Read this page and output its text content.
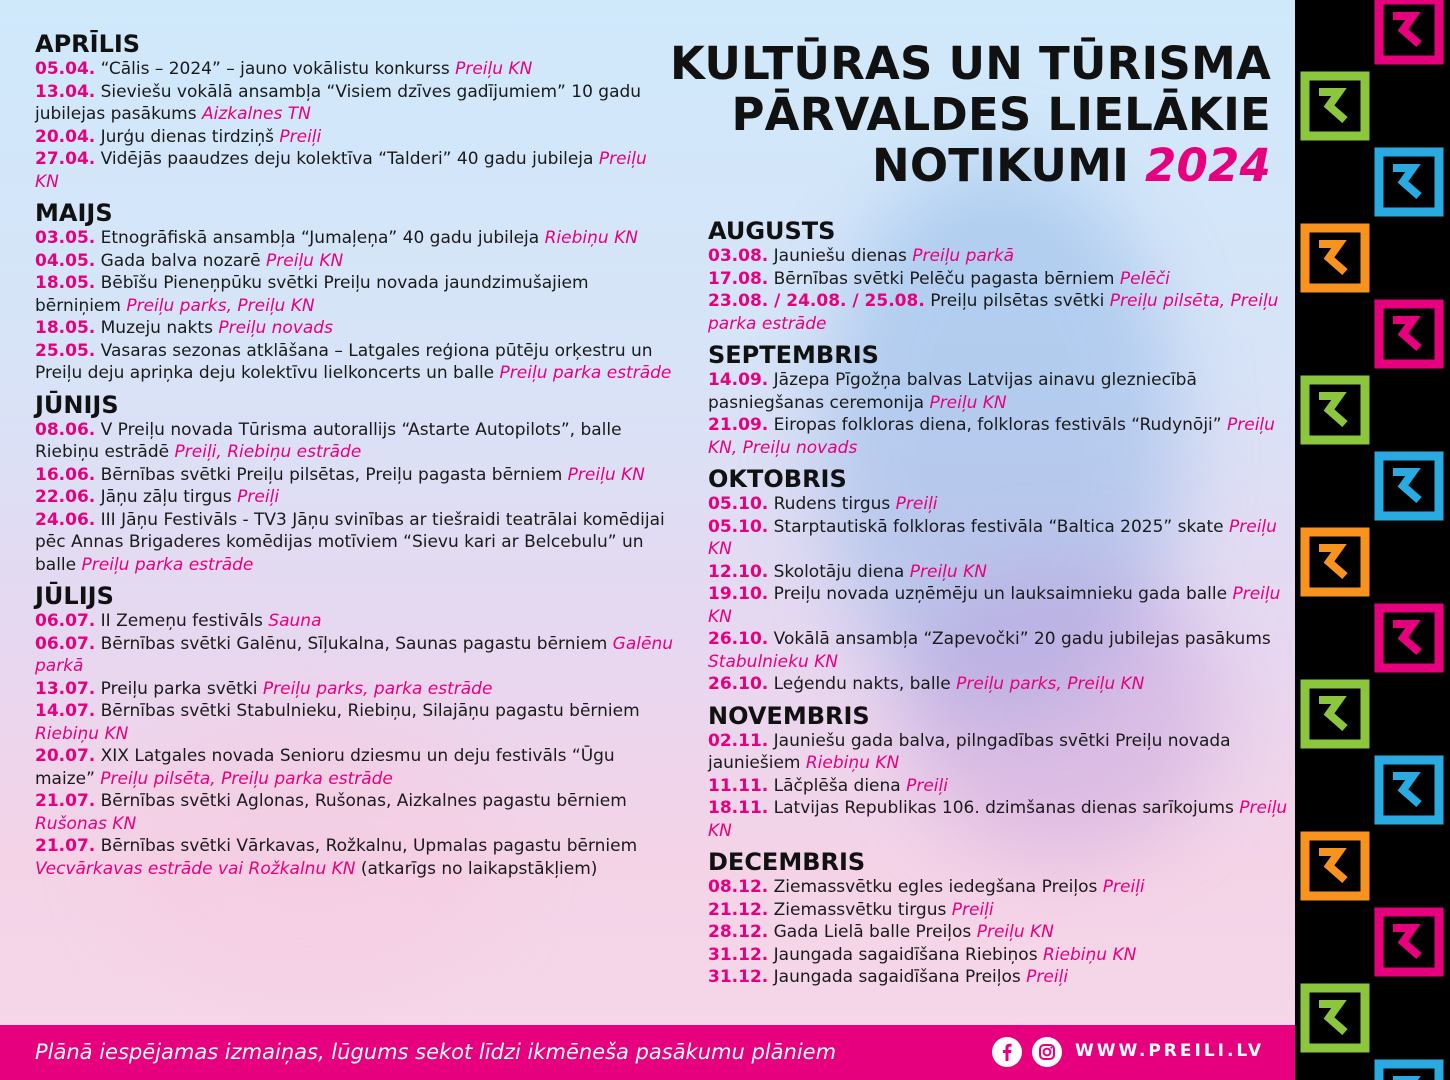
KULTŪRAS UN TŪRISMA
PĀRVALDES LIELĀKIE
NOTIKUMI 2024
APRĪLIS
05.04. “Cālis – 2024” – jauno vokālistu konkurss Preiļu KN
13.04. Sieviešu vokālā ansambļa “Visiem dzīves gadījumiem” 10 gadu jubilejas pasākums Aizkalnes TN
20.04. Jurģu dienas tirdziņš Preiļi
27.04. Vidējās paaudzes deju kolektīva “Talderi” 40 gadu jubileja Preiļu KN
MAIJS
03.05. Etnogrāfiskā ansambļa “Jumaļeņa” 40 gadu jubileja Riebiņu KN
04.05. Gada balva nozarē Preiļu KN
18.05. Bēbīšu Pieneņpūku svētki Preiļu novada jaundzimušajiem bērniņiem Preiļu parks, Preiļu KN
18.05. Muzeju nakts Preiļu novads
25.05. Vasaras sezonas atklāšana – Latgales reģiona pūtēju orķestru un Preiļu deju apriņka deju kolektīvu lielkoncerts un balle Preiļu parka estrāde
JŪNIJS
08.06. V Preiļu novada Tūrisma autorallijs “Astarte Autopilots”, balle Riebiņu estrādē Preiļi, Riebiņu estrāde
16.06. Bērnības svētki Preiļu pilsētas, Preiļu pagasta bērniem Preiļu KN
22.06. Jāņu zāļu tirgus Preiļi
24.06. III Jāņu Festivāls - TV3 Jāņu svinības ar tiešraidi teatrālai komēdijai pēc Annas Brigaderes komēdijas motīviem “Sievu kari ar Belcebulu” un balle Preiļu parka estrāde
JŪLIJS
06.07. II Zemeņu festivāls Sauna
06.07. Bērnības svētki Galēnu, Sīļukalna, Saunas pagastu bērniem Galēnu parkā
13.07. Preiļu parka svētki Preiļu parks, parka estrāde
14.07. Bērnības svētki Stabulnieku, Riebiņu, Silajāņu pagastu bērniem Riebiņu KN
20.07. XIX Latgales novada Senioru dziesmu un deju festivāls “Ūgu maize” Preiļu pilsēta, Preiļu parka estrāde
21.07. Bērnības svētki Aglonas, Rušonas, Aizkalnes pagastu bērniem Rušonas KN
21.07. Bērnības svētki Vārkavas, Rožkalnu, Upmalas pagastu bērniem Vecvārkavas estrāde vai Rožkalnu KN (atkarīgs no laikapstākļiem)
AUGUSTS
03.08. Jauniešu dienas Preiļu parkā
17.08. Bērnības svētki Pelēču pagasta bērniem Pelēči
23.08. / 24.08. / 25.08. Preiļu pilsētas svētki Preiļu pilsēta, Preiļu parka estrāde
SEPTEMBRIS
14.09. Jāzepa Pīgožņa balvas Latvijas ainavu glezniecībā pasniegšanas ceremonija Preiļu KN
21.09. Eiropas folkloras diena, folkloras festivāls “Rudynōji” Preiļu KN, Preiļu novads
OKTOBRIS
05.10. Rudens tirgus Preiļi
05.10. Starptautiskā folkloras festivāla “Baltica 2025” skate Preiļu KN
12.10. Skolotāju diena Preiļu KN
19.10. Preiļu novada uzņēmēju un lauksaimnieku gada balle Preiļu KN
26.10. Vokālā ansambļa “Zapevočki” 20 gadu jubilejas pasākums Stabulnieku KN
26.10. Leģendu nakts, balle Preiļu parks, Preiļu KN
NOVEMBRIS
02.11. Jauniešu gada balva, pilngadības svētki Preiļu novada jauniešiem Riebiņu KN
11.11. Lāčplēša diena Preiļi
18.11. Latvijas Republikas 106. dzimšanas dienas sarīkojums Preiļu KN
DECEMBRIS
08.12. Ziemassvētku egles iedegšana Preiļos Preiļi
21.12. Ziemassvētku tirgus Preiļi
28.12. Gada Lielā balle Preiļos Preiļu KN
31.12. Jaungada sagaidīšana Riebiņos Riebiņu KN
31.12. Jaungada sagaidīšana Preiļos Preiļi
Plānā iespējamas izmaiņas, lūgums sekot līdzi ikmēneša pasākumu plāniem	WWW.PREILI.LV
